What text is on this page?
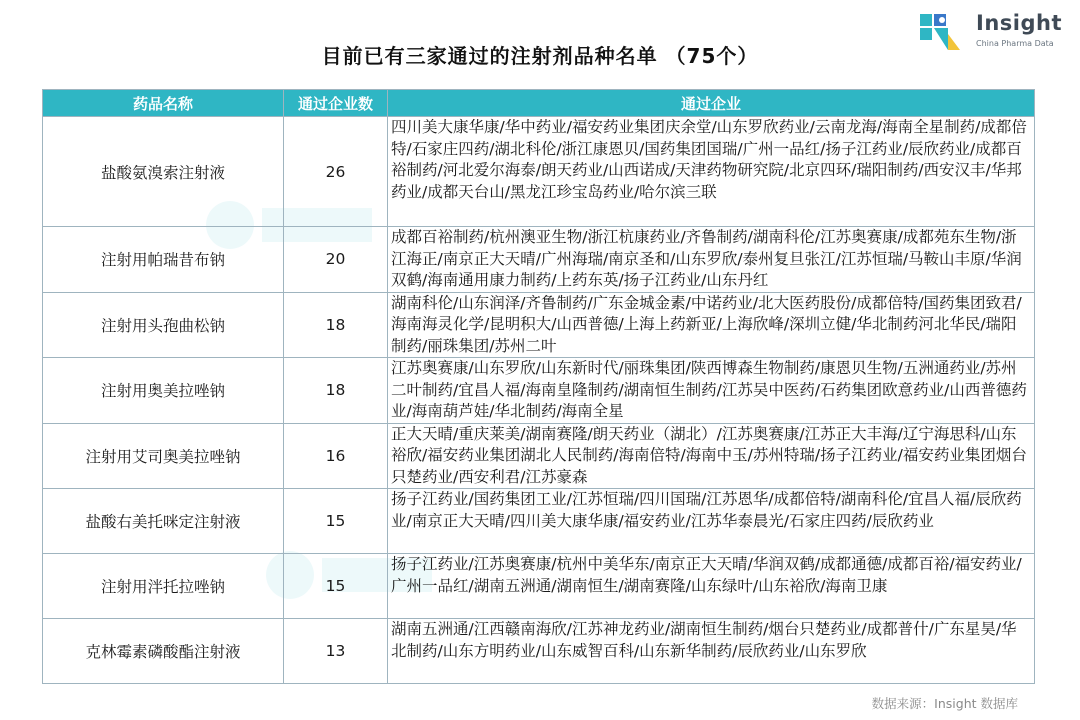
Insight
China Pharma Data
目前已有三家通过的注射剂品种名单 （75个）
药品名称	通过企业数	通过企业
盐酸氨溴索注射液	26	四川美大康华康/华中药业/福安药业集团庆余堂/山东罗欣药业/云南龙海/海南全星制药/成都倍特/石家庄四药/湖北科伦/浙江康恩贝/国药集团国瑞/广州一品红/扬子江药业/辰欣药业/成都百裕制药/河北爱尔海泰/朗天药业/山西诺成/天津药物研究院/北京四环/瑞阳制药/西安汉丰/华邦药业/成都天台山/黑龙江珍宝岛药业/哈尔滨三联
注射用帕瑞昔布钠	20	成都百裕制药/杭州澳亚生物/浙江杭康药业/齐鲁制药/湖南科伦/江苏奥赛康/成都苑东生物/浙江海正/南京正大天晴/广州海瑞/南京圣和/山东罗欣/泰州复旦张江/江苏恒瑞/马鞍山丰原/华润双鹤/海南通用康力制药/上药东英/扬子江药业/山东丹红
注射用头孢曲松钠	18	湖南科伦/山东润泽/齐鲁制药/广东金城金素/中诺药业/北大医药股份/成都倍特/国药集团致君/海南海灵化学/昆明积大/山西普德/上海上药新亚/上海欣峰/深圳立健/华北制药河北华民/瑞阳制药/丽珠集团/苏州二叶
注射用奥美拉唑钠	18	江苏奥赛康/山东罗欣/山东新时代/丽珠集团/陕西博森生物制药/康恩贝生物/五洲通药业/苏州二叶制药/宜昌人福/海南皇隆制药/湖南恒生制药/江苏吴中医药/石药集团欧意药业/山西普德药业/海南葫芦娃/华北制药/海南全星
注射用艾司奥美拉唑钠	16	正大天晴/重庆莱美/湖南赛隆/朗天药业（湖北）/江苏奥赛康/江苏正大丰海/辽宁海思科/山东裕欣/福安药业集团湖北人民制药/海南倍特/海南中玉/苏州特瑞/扬子江药业/福安药业集团烟台只楚药业/西安利君/江苏豪森
盐酸右美托咪定注射液	15	扬子江药业/国药集团工业/江苏恒瑞/四川国瑞/江苏恩华/成都倍特/湖南科伦/宜昌人福/辰欣药业/南京正大天晴/四川美大康华康/福安药业/江苏华泰晨光/石家庄四药/辰欣药业
注射用泮托拉唑钠	15	扬子江药业/江苏奥赛康/杭州中美华东/南京正大天晴/华润双鹤/成都通德/成都百裕/福安药业/广州一品红/湖南五洲通/湖南恒生/湖南赛隆/山东绿叶/山东裕欣/海南卫康
克林霉素磷酸酯注射液	13	湖南五洲通/江西赣南海欣/江苏神龙药业/湖南恒生制药/烟台只楚药业/成都普什/广东星昊/华北制药/山东方明药业/山东威智百科/山东新华制药/辰欣药业/山东罗欣
数据来源：Insight 数据库
